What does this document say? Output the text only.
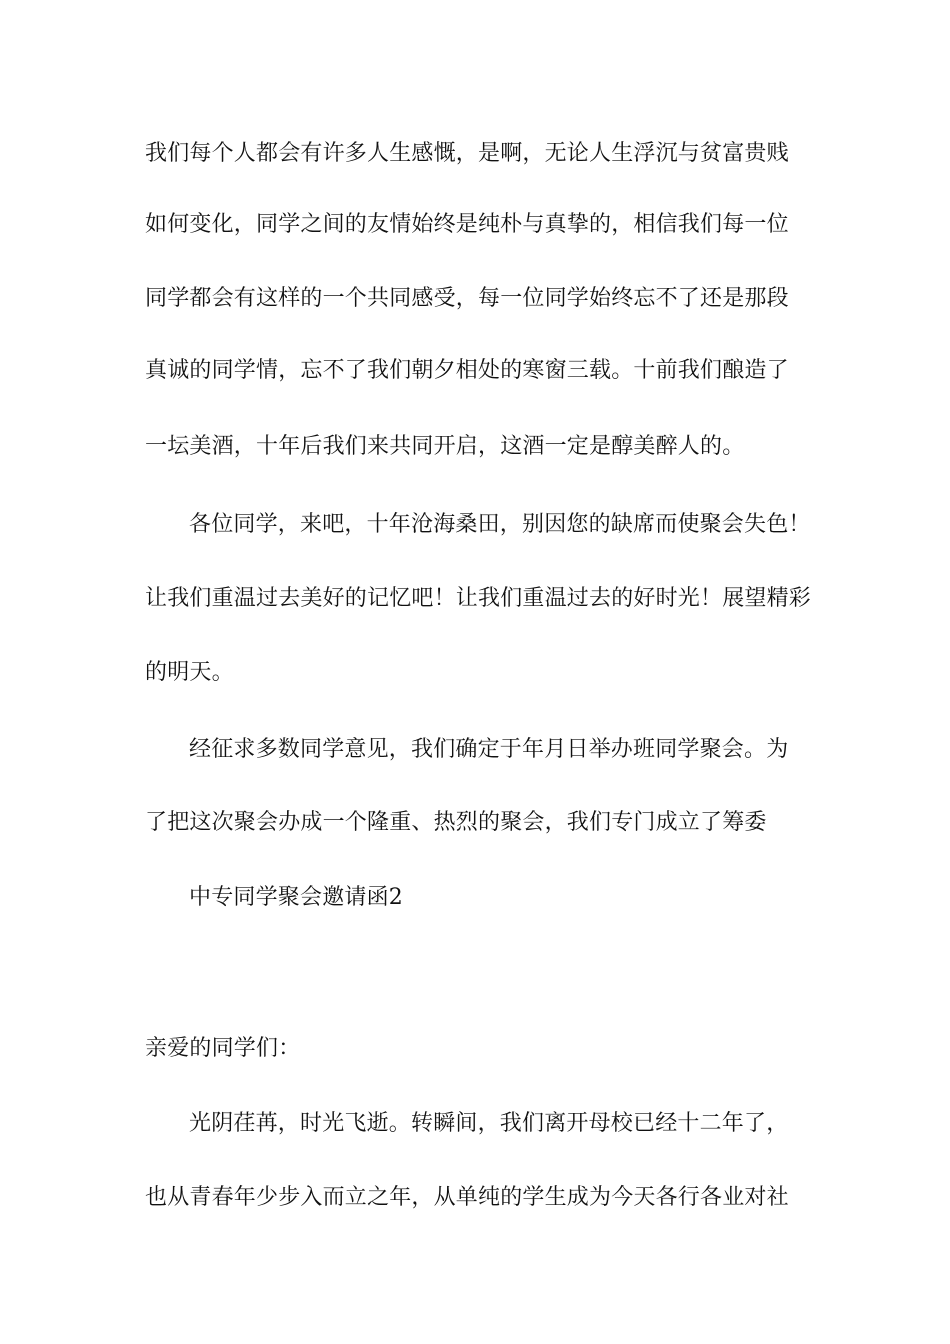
我们每个人都会有许多人生感慨，是啊，无论人生浮沉与贫富贵贱
如何变化，同学之间的友情始终是纯朴与真挚的，相信我们每一位
同学都会有这样的一个共同感受，每一位同学始终忘不了还是那段
真诚的同学情，忘不了我们朝夕相处的寒窗三载。十前我们酿造了
一坛美酒，十年后我们来共同开启，这酒一定是醇美醉人的。
各位同学，来吧，十年沧海桑田，别因您的缺席而使聚会失色！
让我们重温过去美好的记忆吧！让我们重温过去的好时光！展望精彩
的明天。
经征求多数同学意见，我们确定于年月日举办班同学聚会。为
了把这次聚会办成一个隆重、热烈的聚会，我们专门成立了筹委
中专同学聚会邀请函2
亲爱的同学们：
光阴荏苒，时光飞逝。转瞬间，我们离开母校已经十二年了，
也从青春年少步入而立之年，从单纯的学生成为今天各行各业对社
